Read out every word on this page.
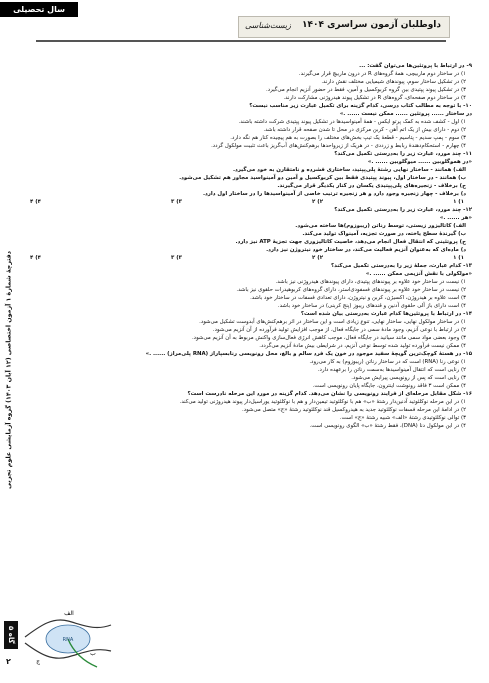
سال تحصیلی ۰۴-۱۴۰۳	داوطلبان آزمون سراسری ۱۴۰۴
زیست‌شناسی
دفترچهٔ شمارهٔ ۱ آزمون اختصاصی (۱۲ آبان ۱۴۰۳) گروه آزمایشی علوم تجربی
گاه ۵
۲
۹- در ارتباط با پروتئین‌ها می‌توان گفت: ...
۱) در ساختار دوم ماربیچی، همهٔ گروه‌های R در درون ماربیچ قرار می‌گیرند.
۲) در تشکیل ساختار سوم، پیوندهای شیمیایی مختلف نقش دارند.
۳) در تشکیل پیوند پپتیدی بین گروه کربوکسیل و آمین، فقط در حضور آنزیم انجام می‌گیرد.
۴) در ساختار دوم صفحه‌ای، گروه‌های R در تشکیل پیوند هیدروژنی مشارکت دارند.
۱۰- با توجه به مطالب کتاب درسی، کدام گزینه برای تکمیل عبارت زیر مناسب نیست؟
در ساختار ...... پروتئین ...... ممکن نیست ...... .»
۱) اول - کشف شده به کمک پرتو ایکس - همهٔ آمینواسیدها در تشکیل پیوند پپتیدی شرکت داشته باشند.
۲) دوم - دارای بیش از یک اتم آهن - کربن مرکزی در محل تا شدن صفحه قرار داشته باشد.
۳) سوم - پمپ سدیم - پتاسیم - قطعۀ یک تیپ بخش‌های مختلف را بصورت به هم پیچیده کنار هم نگه دارد.
۴) چهارم - استحکام‌دهندهٔ ربابط و زرددی - در هریک از زیرواحدها برهم‌کنش‌های آب‌گریز باعث تثبیت مولکول گردد.
۱۱- چند مورد، عبارت زیر را به‌درستی تکمیل می‌کند؟
«در هموگلوبین ...... میوگلوبین ...... .»
الف) همانند - ساختار نهایی رشتهٔ پلی‌پپتید، ساختاری فشرده و نامتقارن به خود می‌گیرد.
ب) همانند - در ساختار اول، پیوند پپتیدی فقط بین کربوکسیل و آمین دو آمینواسید مجاور هم تشکیل می‌شود.
ج) برخلاف - زنجیره‌های پلی‌پپتیدی یکسان در کنار یکدیگر قرار می‌گیرند.
د) برخلاف - چهار زنجیره وجود دارد و هر زنجیره ترتیب خاصی از آمینواسیدها را در ساختار اول دارد.
۱) ۱
۲) ۲
۳) ۳
۴) ۴
۱۲- چند مورد، عبارت زیر را به‌درستی تکمیل می‌کند؟
«هر ...... .»
الف) کاتالیزور زیستی، توسط رناتن (ریبوزوم)ها ساخته می‌شود.
ب) گیرندهٔ سطح یاخته، در صورت تجزیه، آمینواک تولید می‌کند.
ج) پروتئینی که انتقال فعال انجام می‌دهد، خاصیت کاتالیزوری جهت تجزیهٔ ATP نیز دارد.
د) ماده‌ای که به‌عنوان آنزیم فعالیت می‌کند، در ساختار خود نیتروژن نیز دارد.
۱) ۱
۲) ۲
۳) ۳
۴) ۴
۱۳- کدام عبارت، جملهٔ زیر را به‌درستی تکمیل می‌کند؟
«مولکولی با نقش آنزیمی ممکن ...... .»
۱) نیست در ساختار خود علاوه بر پیوندهای پپتیدی، دارای پیوندهای هیدروژنی نیز باشد.
۲) نیست در ساختار خود علاوه بر پیوندهای فسفودی‌استر، دارای گروه‌های کربوهیدرات حلقوی نیز باشد.
۳) است علاوه بر هیدروژن، اکسیژن، کربن و نیتروژن، دارای تعدادی فسفات در ساختار خود باشد.
۴) است دارای باز آلی حلقوی آدنین و قندهای ریبوز (پنج کربنی) در ساختار خود باشد.
۱۴- در ارتباط با پروتئین‌ها کدام عبارت به‌درستی بیان شده است؟
۱) در ساختار مولکول نهایی، ساختار نهایی، تنوع زیادی است و این ساختار در اثر برهم‌کنش‌های آبدوست تشکیل می‌شود.
۲) در ارتباط با نوعی آنزیم، وجود مادهٔ سمی در جایگاه فعال، از موجب افزایش تولید فرآورده از آن آنزیم می‌شود.
۳) وجود بعضی مواد سمی مانند سیانید در جایگاه فعال، موجب کاهش انرژی فعال‌سازی واکنش مربوط به آن آنزیم می‌شود.
۴) ممکن نیست فرآورده تولید شده توسط نوعی آنزیم، در شرایطی بیش مادهٔ آنزیم می‌گردد.
۱۵- در هستهٔ کوچک‌ترین گویچهٔ سفید موجود در خون یک فرد سالم و بالغ، محل رونویسی رنابسپاراز (RNA پلی‌مراز) ...... .»
۱) نوعی رنا (RNA) است که در ساختار رناتن (ریبوزوم) به کار می‌رود.
۲) رنایی است که انتقال آمینواسیدها به‌سمت رناتن را برعهده دارد.
۳) رنایی است که پس از رونویسی پیرایش می‌شود.
۴) ممکن است ۳ فاقد رونوشت اینترون، جایگاه پایان رونویسی است.
۱۶- شکل مقابل مرحله‌ای از فرایند رونویسی را نشان می‌دهد. کدام گزینه در مورد این مرحله نادرست است؟
۱) در این مرحله نوکلئوتید آدنین‌دار رشتهٔ «ب» هم با نوکلئوتید تیمین‌دار و هم با نوکلئوتید یوراسیل‌دار پیوند هیدروژنی تولید می‌کند.
۲) در ادامهٔ این مرحله فسفات نوکلئوتید جدید به هیدروکسیل قند نوکلئوتید رشتهٔ «ج» متصل می‌شود.
۳) توالی نوکلئوتیدی رشتهٔ «الف» شبیه رشتهٔ «ج» است.
۴) در این مولکول دنا (DNA)، فقط رشتهٔ «ب» الگوی رونویسی است.
الف
ب
ج
RNA
